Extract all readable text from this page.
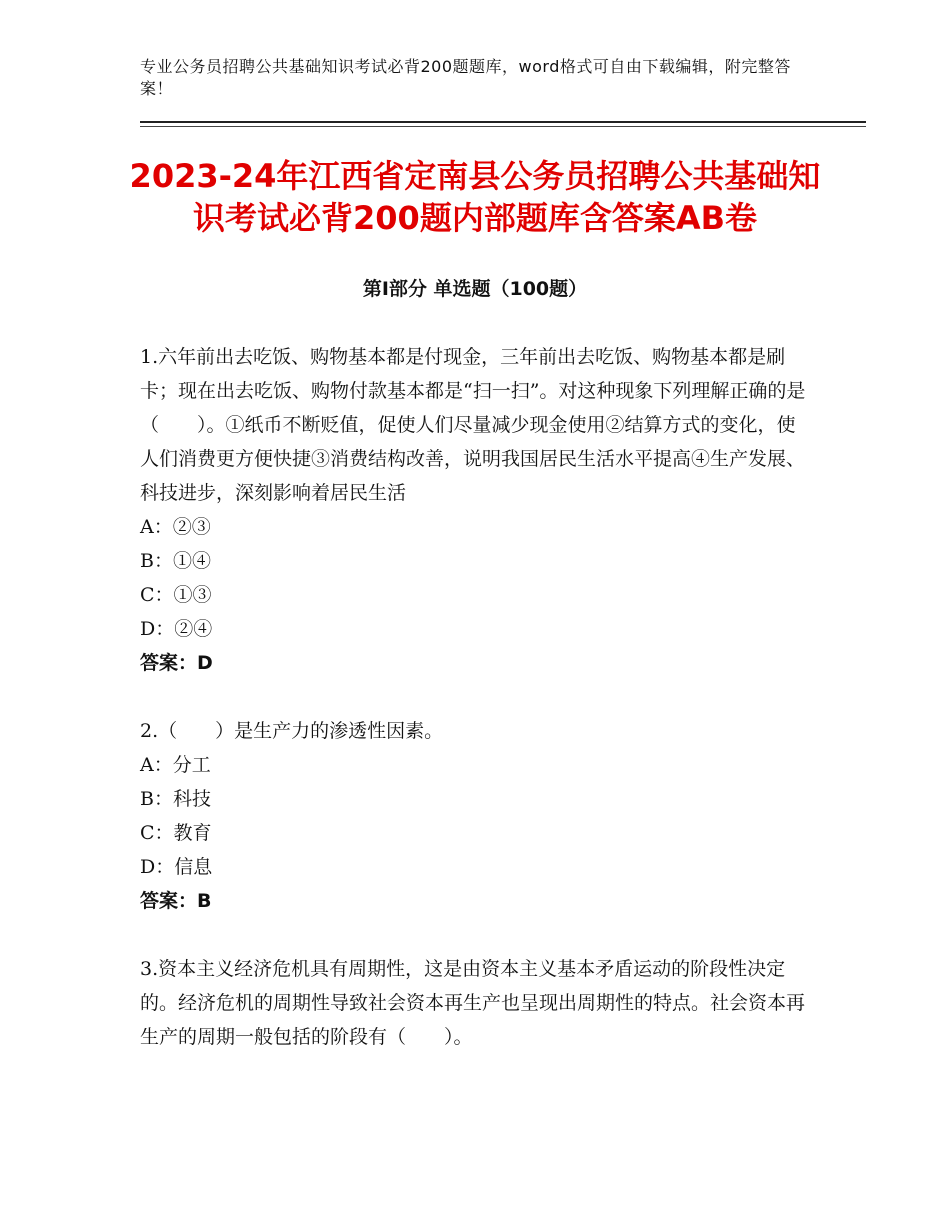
专业公务员招聘公共基础知识考试必背200题题库，word格式可自由下载编辑，附完整答案！
2023-24年江西省定南县公务员招聘公共基础知识考试必背200题内部题库含答案AB卷
第Ⅰ部分 单选题（100题）

1.六年前出去吃饭、购物基本都是付现金，三年前出去吃饭、购物基本都是刷卡；现在出去吃饭、购物付款基本都是“扫一扫”。对这种现象下列理解正确的是（　　）。①纸币不断贬值，促使人们尽量减少现金使用②结算方式的变化，使人们消费更方便快捷③消费结构改善，说明我国居民生活水平提高④生产发展、科技进步，深刻影响着居民生活

A：②③

B：①④

C：①③

D：②④

答案：D

2.（　　）是生产力的渗透性因素。

A：分工

B：科技

C：教育

D：信息

答案：B

3.资本主义经济危机具有周期性，这是由资本主义基本矛盾运动的阶段性决定的。经济危机的周期性导致社会资本再生产也呈现出周期性的特点。社会资本再生产的周期一般包括的阶段有（　　）。
